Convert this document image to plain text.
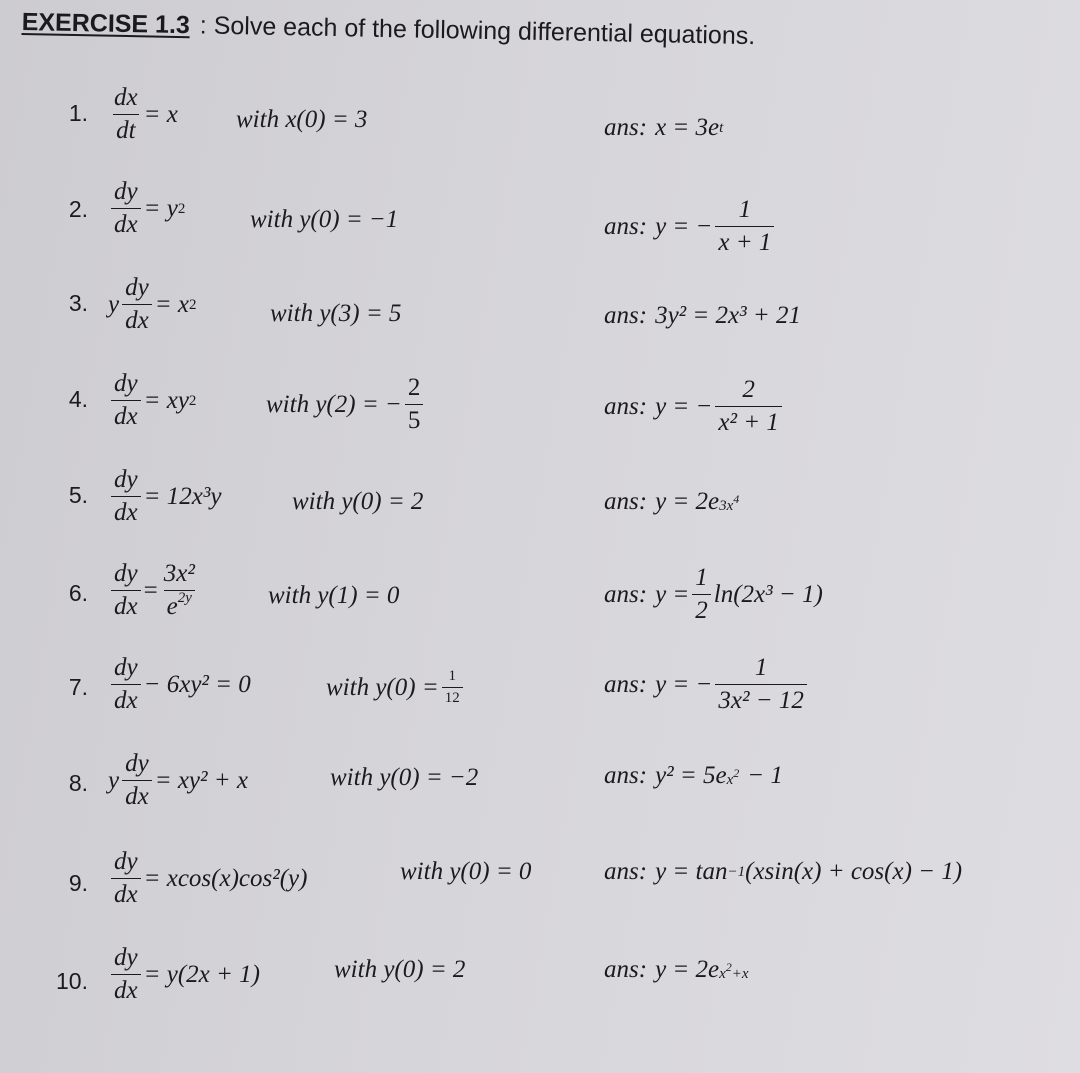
EXERCISE 1.3 : Solve each of the following differential equations.
1. $\frac{dx}{dt} = x$ with x(0) = 3	ans: x = 3e t
2. $\frac{dy}{dx} = y$ 2	with y(0) = −1	ans: y = − $\frac{1}{x + 1}$
3. y $\frac{dy}{dx} = x$ 2	with y(3) = 5	ans: 3y² = 2x³ + 21
4. $\frac{dy}{dx}$ = xy 2	with y(2) = − $\frac{2}{5}$	ans: y = − $\frac{2}{\text{x² + 1}}$
5. $\frac{dy}{dx} = 12x^3y$	with y(0) = 2	ans: y = 2e $3x^4$
6. $\frac{dy}{dx} = \frac{\text{3x²}}{e^{2y}}$	with y(1) = 0	ans: $y = \frac{1}{2} \ln(2x^3 - 1)$
7. $\frac{dy}{dx} - 6xy^2 = 0$	with $y(0) = \frac{1}{12}$	ans: y = − $\frac{1}{\text{3x² − 12}}$
8. y $\frac{dy}{dx} = xy^2 + x$	with y(0) = −2	ans: y² = 5e $x^2 - 1$
9. $\frac{dy}{dx} = xcos(x)\cos^2(y)$	with y(0) = 0	ans: y = tan −1 (xsin(x) + cos(x) − 1)
10. $\frac{dy}{dx} = y(2x + 1)$	with y(0) = 2	ans: y = 2e $x^2+x$
